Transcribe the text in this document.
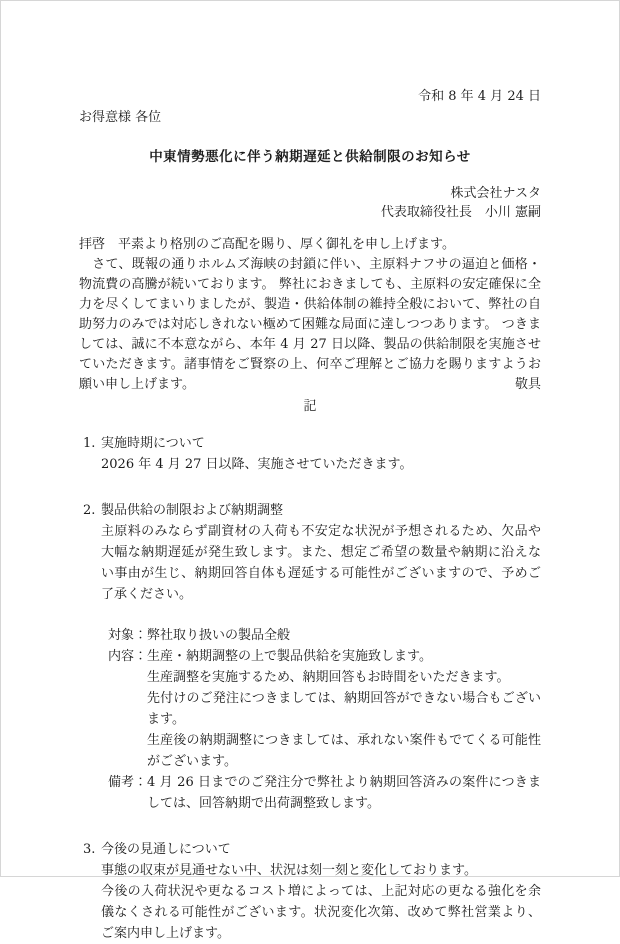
令和 8 年 4 月 24 日
お得意様 各位
中東情勢悪化に伴う納期遅延と供給制限のお知らせ
株式会社ナスタ
代表取締役社長　小川 憲嗣
拝啓　平素より格別のご高配を賜り、厚く御礼を申し上げます。
　さて、既報の通りホルムズ海峡の封鎖に伴い、主原料ナフサの逼迫と価格・物流費の高騰が続いております。 弊社におきましても、主原料の安定確保に全力を尽くしてまいりましたが、製造・供給体制の維持全般において、弊社の自助努力のみでは対応しきれない極めて困難な局面に達しつつあります。 つきましては、誠に不本意ながら、本年 4 月 27 日以降、製品の供給制限を実施させていただきます。諸事情をご賢察の上、何卒ご理解とご協力を賜りますようお願い申し上げます。	敬具
記
1. 実施時期について
2026 年 4 月 27 日以降、実施させていただきます。
2. 製品供給の制限および納期調整
主原料のみならず副資材の入荷も不安定な状況が予想されるため、欠品や大幅な納期遅延が発生致します。また、想定ご希望の数量や納期に沿えない事由が生じ、納期回答自体も遅延する可能性がございますので、予めご了承ください。
対象： 弊社取り扱いの製品全般
内容： 生産・納期調整の上で製品供給を実施致します。
生産調整を実施するため、納期回答もお時間をいただきます。
先付けのご発注につきましては、納期回答ができない場合もございます。
生産後の納期調整につきましては、承れない案件もでてくる可能性がございます。
備考： 4 月 26 日までのご発注分で弊社より納期回答済みの案件につきましては、回答納期で出荷調整致します。
3. 今後の見通しについて
事態の収束が見通せない中、状況は刻一刻と変化しております。
今後の入荷状況や更なるコスト増によっては、上記対応の更なる強化を余儀なくされる可能性がございます。状況変化次第、改めて弊社営業より、ご案内申し上げます。
